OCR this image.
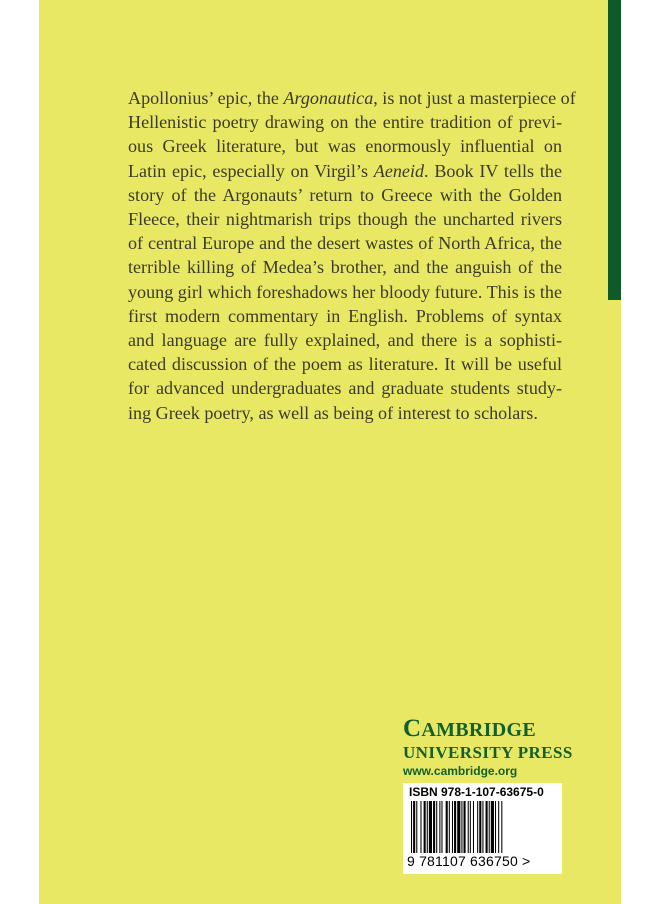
Apollonius’ epic, the Argonautica, is not just a masterpiece of
Hellenistic poetry drawing on the entire tradition of previ-
ous Greek literature, but was enormously influential on
Latin epic, especially on Virgil’s Aeneid. Book IV tells the
story of the Argonauts’ return to Greece with the Golden
Fleece, their nightmarish trips though the uncharted rivers
of central Europe and the desert wastes of North Africa, the
terrible killing of Medea’s brother, and the anguish of the
young girl which foreshadows her bloody future. This is the
first modern commentary in English. Problems of syntax
and language are fully explained, and there is a sophisti-
cated discussion of the poem as literature. It will be useful
for advanced undergraduates and graduate students study-
ing Greek poetry, as well as being of interest to scholars.

CAMBRIDGE
UNIVERSITY PRESS
www.cambridge.org
ISBN 978-1-107-63675-0
9 781107 636750 >
